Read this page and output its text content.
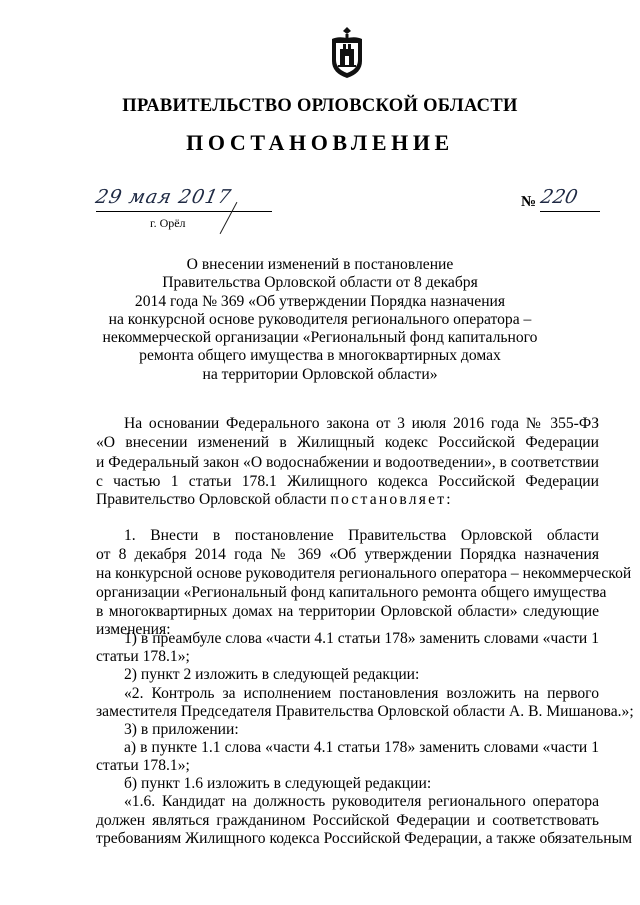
ПРАВИТЕЛЬСТВО ОРЛОВСКОЙ ОБЛАСТИ
ПОСТАНОВЛЕНИЕ
29 мая 2017
г. Орёл
№ 220
О внесении изменений в постановление
Правительства Орловской области от 8 декабря
2014 года № 369 «Об утверждении Порядка назначения
на конкурсной основе руководителя регионального оператора –
некоммерческой организации «Региональный фонд капитального
ремонта общего имущества в многоквартирных домах
на территории Орловской области»
На основании Федерального закона от 3 июля 2016 года № 355-ФЗ
«О внесении изменений в Жилищный кодекс Российской Федерации
и Федеральный закон «О водоснабжении и водоотведении», в соответствии
с частью 1 статьи 178.1 Жилищного кодекса Российской Федерации
Правительство Орловской области постановляет:
1. Внести в постановление Правительства Орловской области
от 8 декабря 2014 года № 369 «Об утверждении Порядка назначения
на конкурсной основе руководителя регионального оператора – некоммерческой
организации «Региональный фонд капитального ремонта общего имущества
в многоквартирных домах на территории Орловской области» следующие
изменения:
1) в преамбуле слова «части 4.1 статьи 178» заменить словами «части 1
статьи 178.1»;
2) пункт 2 изложить в следующей редакции:
«2. Контроль за исполнением постановления возложить на первого
заместителя Председателя Правительства Орловской области А. В. Мишанова.»;
3) в приложении:
а) в пункте 1.1 слова «части 4.1 статьи 178» заменить словами «части 1
статьи 178.1»;
б) пункт 1.6 изложить в следующей редакции:
«1.6. Кандидат на должность руководителя регионального оператора
должен являться гражданином Российской Федерации и соответствовать
требованиям Жилищного кодекса Российской Федерации, а также обязательным
